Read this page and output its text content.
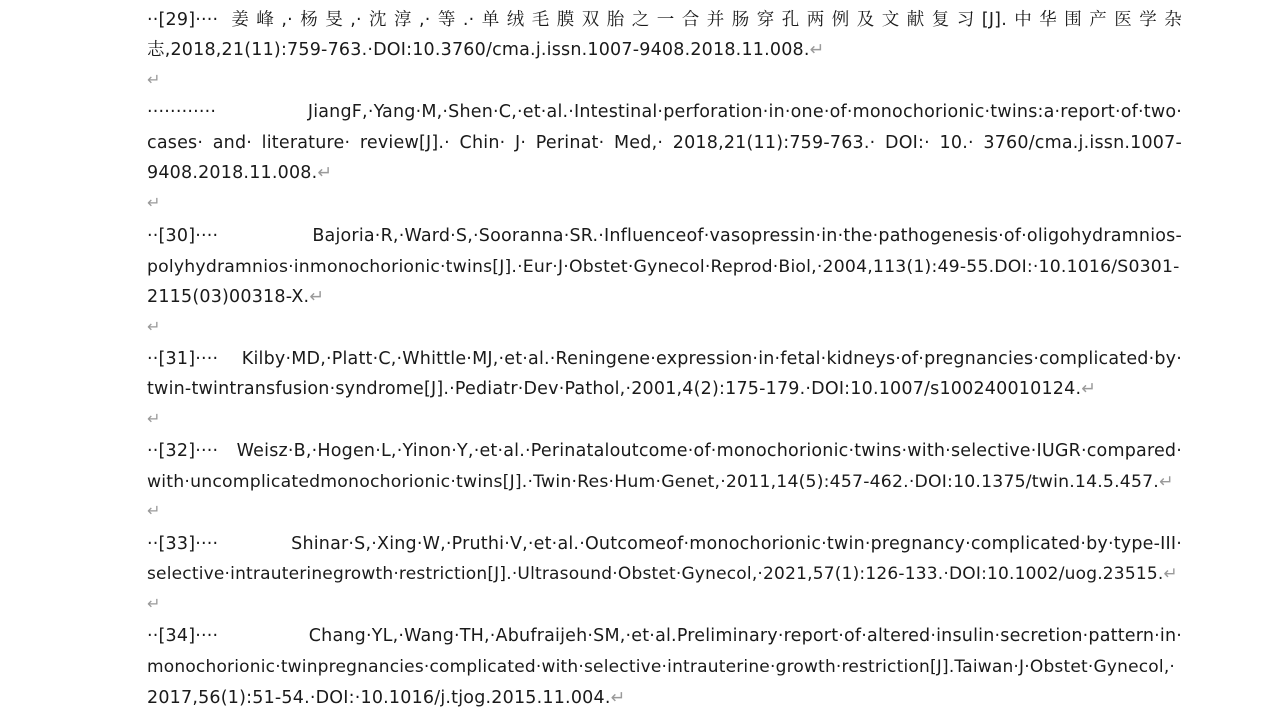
··[29]···· 姜峰,·杨旻,·沈淳,·等.·单绒毛膜双胎之一合并肠穿孔两例及文献复习[J].中华围产医学杂
志,2018,21(11):759-763.·DOI:10.3760/cma.j.issn.1007-9408.2018.11.008.↵
↵
············ JiangF,·Yang·M,·Shen·C,·et·al.·Intestinal·perforation·in·one·of·monochorionic·twins:a·report·of·two·
cases· and· literature· review[J].· Chin· J· Perinat· Med,· 2018,21(11):759-763.· DOI:· 10.· 3760/cma.j.issn.1007-
9408.2018.11.008.↵
↵
··[30]···· Bajoria·R,·Ward·S,·Sooranna·SR.·Influenceof·vasopressin·in·the·pathogenesis·of·oligohydramnios-
polyhydramnios·inmonochorionic·twins[J].·Eur·J·Obstet·Gynecol·Reprod·Biol,·2004,113(1):49-55.DOI:·10.1016/S0301-
2115(03)00318-X.↵
↵
··[31]···· Kilby·MD,·Platt·C,·Whittle·MJ,·et·al.·Reningene·expression·in·fetal·kidneys·of·pregnancies·complicated·by·
twin-twintransfusion·syndrome[J].·Pediatr·Dev·Pathol,·2001,4(2):175-179.·DOI:10.1007/s100240010124.↵
↵
··[32]···· Weisz·B,·Hogen·L,·Yinon·Y,·et·al.·Perinataloutcome·of·monochorionic·twins·with·selective·IUGR·compared·
with·uncomplicatedmonochorionic·twins[J].·Twin·Res·Hum·Genet,·2011,14(5):457-462.·DOI:10.1375/twin.14.5.457.↵
↵
··[33]···· Shinar·S,·Xing·W,·Pruthi·V,·et·al.·Outcomeof·monochorionic·twin·pregnancy·complicated·by·type-III·
selective·intrauterinegrowth·restriction[J].·Ultrasound·Obstet·Gynecol,·2021,57(1):126-133.·DOI:10.1002/uog.23515.↵
↵
··[34]···· Chang·YL,·Wang·TH,·Abufraijeh·SM,·et·al.Preliminary·report·of·altered·insulin·secretion·pattern·in·
monochorionic·twinpregnancies·complicated·with·selective·intrauterine·growth·restriction[J].Taiwan·J·Obstet·Gynecol,·
2017,56(1):51-54.·DOI:·10.1016/j.tjog.2015.11.004.↵
